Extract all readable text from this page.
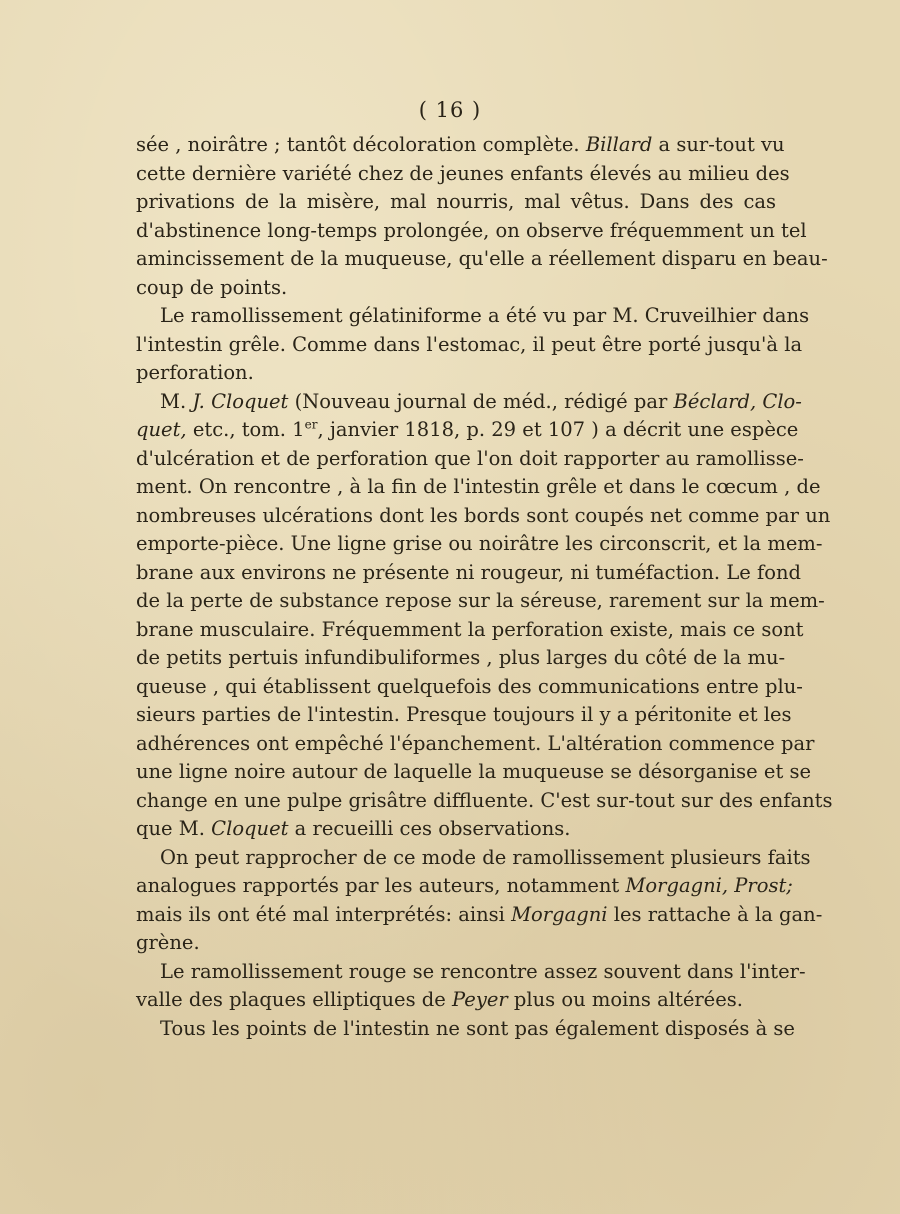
( 16 )
sée , noirâtre ; tantôt décoloration complète. Billard a sur-tout vu
cette dernière variété chez de jeunes enfants élevés au milieu des
privations de la misère, mal nourris, mal vêtus. Dans des cas
d'abstinence long-temps prolongée, on observe fréquemment un tel
amincissement de la muqueuse, qu'elle a réellement disparu en beau-
coup de points.
Le ramollissement gélatiniforme a été vu par M. Cruveilhier dans
l'intestin grêle. Comme dans l'estomac, il peut être porté jusqu'à la
perforation.
M. J. Cloquet (Nouveau journal de méd., rédigé par Béclard, Clo-
quet, etc., tom. 1er, janvier 1818, p. 29 et 107 ) a décrit une espèce
d'ulcération et de perforation que l'on doit rapporter au ramollisse-
ment. On rencontre , à la fin de l'intestin grêle et dans le cœcum , de
nombreuses ulcérations dont les bords sont coupés net comme par un
emporte-pièce. Une ligne grise ou noirâtre les circonscrit, et la mem-
brane aux environs ne présente ni rougeur, ni tuméfaction. Le fond
de la perte de substance repose sur la séreuse, rarement sur la mem-
brane musculaire. Fréquemment la perforation existe, mais ce sont
de petits pertuis infundibuliformes , plus larges du côté de la mu-
queuse , qui établissent quelquefois des communications entre plu-
sieurs parties de l'intestin. Presque toujours il y a péritonite et les
adhérences ont empêché l'épanchement. L'altération commence par
une ligne noire autour de laquelle la muqueuse se désorganise et se
change en une pulpe grisâtre diffluente. C'est sur-tout sur des enfants
que M. Cloquet a recueilli ces observations.
On peut rapprocher de ce mode de ramollissement plusieurs faits
analogues rapportés par les auteurs, notamment Morgagni, Prost;
mais ils ont été mal interprétés: ainsi Morgagni les rattache à la gan-
grène.
Le ramollissement rouge se rencontre assez souvent dans l'inter-
valle des plaques elliptiques de Peyer plus ou moins altérées.
Tous les points de l'intestin ne sont pas également disposés à se
